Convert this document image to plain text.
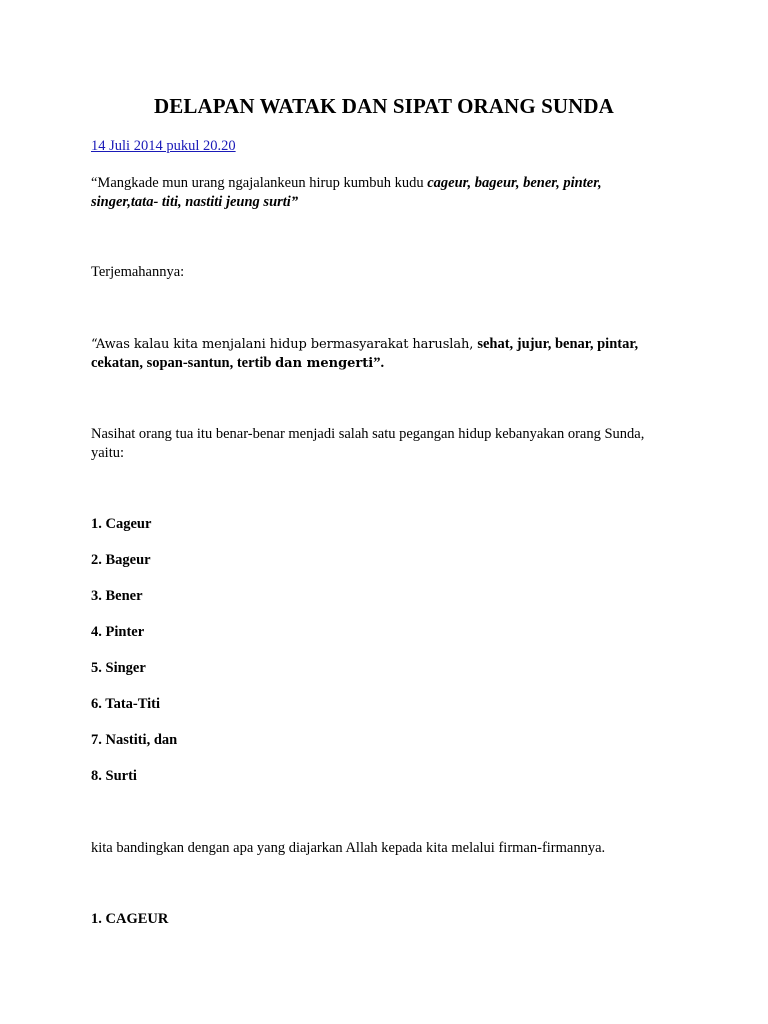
DELAPAN WATAK DAN SIPAT ORANG SUNDA
14 Juli 2014 pukul 20.20
“Mangkade mun urang ngajalankeun hirup kumbuh kudu cageur, bageur, bener, pinter,
singer,tata- titi, nastiti jeung surti”
Terjemahannya:
“Awas kalau kita menjalani hidup bermasyarakat haruslah, sehat, jujur, benar, pintar,
cekatan, sopan-santun, tertib dan mengerti”.
Nasihat orang tua itu benar-benar menjadi salah satu pegangan hidup kebanyakan orang Sunda,
yaitu:
1. Cageur
2. Bageur
3. Bener
4. Pinter
5. Singer
6. Tata-Titi
7. Nastiti, dan
8. Surti
kita bandingkan dengan apa yang diajarkan Allah kepada kita melalui firman-firmannya.
1. CAGEUR
